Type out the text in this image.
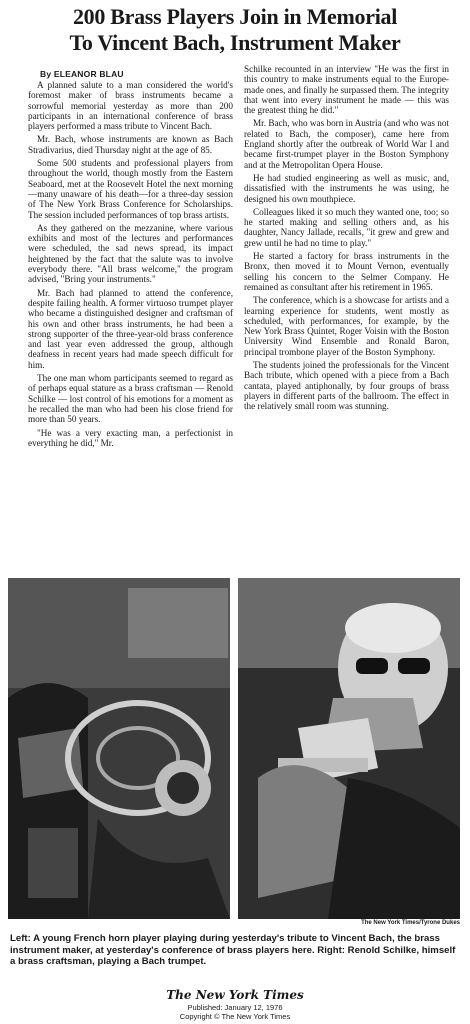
200 Brass Players Join in Memorial
To Vincent Bach, Instrument Maker
By ELEANOR BLAU

A planned salute to a man considered the world's foremost maker of brass instruments became a sorrowful memorial yesterday as more than 200 participants in an international conference of brass players performed a mass tribute to Vincent Bach.

Mr. Bach, whose instruments are known as Bach Stradivarius, died Thursday night at the age of 85.

Some 500 students and professional players from throughout the world, though mostly from the Eastern Seaboard, met at the Roosevelt Hotel the next morning—many unaware of his death—for a three-day session of The New York Brass Conference for Scholarships. The session included performances of top brass artists.

As they gathered on the mezzanine, where various exhibits and most of the lectures and performances were scheduled, the sad news spread, its impact heightened by the fact that the salute was to involve everybody there. "All brass welcome," the program advised, "Bring your instruments."

Mr. Bach had planned to attend the conference, despite failing health. A former virtuoso trumpet player who became a distinguished designer and craftsman of his own and other brass instruments, he had been a strong supporter of the three-year-old brass conference and last year even addressed the group, although deafness in recent years had made speech difficult for him.

The one man whom participants seemed to regard as of perhaps equal stature as a brass craftsman — Renold Schilke — lost control of his emotions for a moment as he recalled the man who had been his close friend for more than 50 years.

"He was a very exacting man, a perfectionist in everything he did," Mr.

Schilke recounted in an interview "He was the first in this country to make instruments equal to the Europe-made ones, and finally he surpassed them. The integrity that went into every instrument he made — this was the greatest thing he did."

Mr. Bach, who was born in Austria (and who was not related to Bach, the composer), came here from England shortly after the outbreak of World War I and became first-trumpet player in the Boston Symphony and at the Metropolitan Opera House.

He had studied engineering as well as music, and, dissatisfied with the instruments he was using, he designed his own mouthpiece.

Colleagues liked it so much they wanted one, too; so he started making and selling others and, as his daughter, Nancy Jallade, recalls, "it grew and grew and grew until he had no time to play."

He started a factory for brass instruments in the Bronx, then moved it to Mount Vernon, eventually selling his concern to the Selmer Company. He remained as consultant after his retirement in 1965.

The conference, which is a showcase for artists and a learning experience for students, went mostly as scheduled, with performances, for example, by the New York Brass Quintet, Roger Voisin with the Boston University Wind Ensemble and Ronald Baron, principal trombone player of the Boston Symphony.

The students joined the professionals for the Vincent Bach tribute, which opened with a piece from a Bach cantata, played antiphonally, by four groups of brass players in different parts of the ballroom. The effect in the relatively small room was stunning.

The New York Times/Tyrone Dukes
Left: A young French horn player playing during yesterday's tribute to Vincent Bach, the brass instrument maker, at yesterday's conference of brass players here. Right: Renold Schilke, himself a brass craftsman, playing a Bach trumpet.
The New York Times
Published: January 12, 1976
Copyright © The New York Times
